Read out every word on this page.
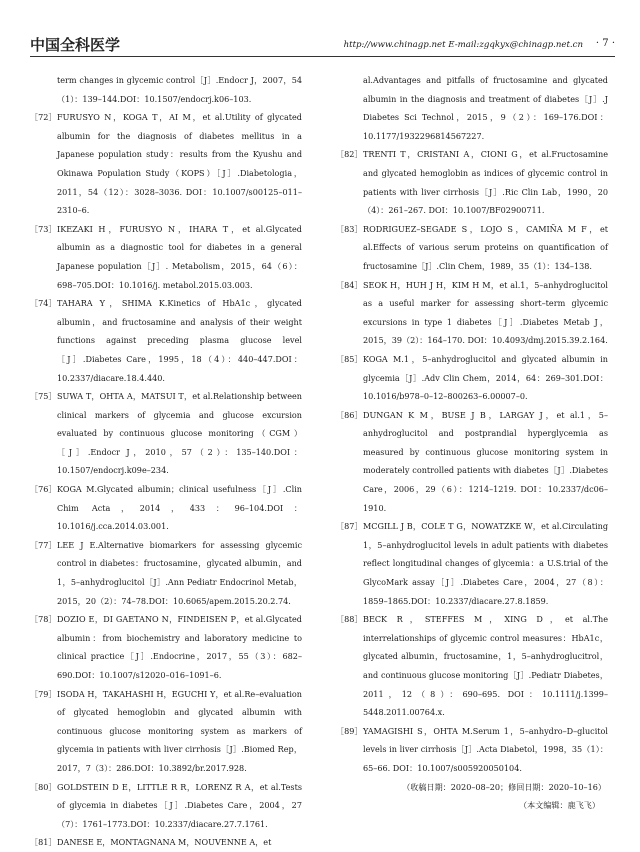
中国全科医学	http://www.chinagp.net E-mail:zgqkyx@chinagp.net.cn · 7 ·
term changes in glycemic control［J］.Endocr J，2007，54（1）：139–144.DOI：10.1507/endocrj.k06–103.
［72］ FURUSYO N，KOGA T，AI M，et al.Utility of glycated albumin for the diagnosis of diabetes mellitus in a Japanese population study：results from the Kyushu and Okinawa Population Study（KOPS）［J］.Diabetologia，2011，54（12）：3028–3036. DOI：10.1007/s00125–011–2310–6.
［73］ IKEZAKI H，FURUSYO N，IHARA T，et al.Glycated albumin as a diagnostic tool for diabetes in a general Japanese population［J］. Metabolism，2015，64（6）：698–705.DOI：10.1016/j. metabol.2015.03.003.
［74］ TAHARA Y，SHIMA K.Kinetics of HbA1c，glycated albumin，and fructosamine and analysis of their weight functions against preceding plasma glucose level［J］.Diabetes Care，1995，18（4）：440–447.DOI：10.2337/diacare.18.4.440.
［75］ SUWA T，OHTA A，MATSUI T，et al.Relationship between clinical markers of glycemia and glucose excursion evaluated by continuous glucose monitoring（CGM）［J］.Endocr J，2010，57（2）：135–140.DOI：10.1507/endocrj.k09e–234.
［76］ KOGA M.Glycated albumin；clinical usefulness［J］.Clin Chim Acta，2014，433：96–104.DOI：10.1016/j.cca.2014.03.001.
［77］ LEE J E.Alternative biomarkers for assessing glycemic control in diabetes：fructosamine，glycated albumin，and 1，5–anhydroglucitol［J］.Ann Pediatr Endocrinol Metab，2015，20（2）：74–78.DOI：10.6065/apem.2015.20.2.74.
［78］ DOZIO E，DI GAETANO N，FINDEISEN P，et al.Glycated albumin：from biochemistry and laboratory medicine to clinical practice［J］.Endocrine，2017，55（3）：682–690.DOI：10.1007/s12020–016–1091–6.
［79］ ISODA H，TAKAHASHI H，EGUCHI Y，et al.Re–evaluation of glycated hemoglobin and glycated albumin with continuous glucose monitoring system as markers of glycemia in patients with liver cirrhosis［J］.Biomed Rep，2017，7（3）：286.DOI：10.3892/br.2017.928.
［80］ GOLDSTEIN D E，LITTLE R R，LORENZ R A，et al.Tests of glycemia in diabetes［J］.Diabetes Care，2004，27（7）：1761–1773.DOI：10.2337/diacare.27.7.1761.
［81］ DANESE E，MONTAGNANA M，NOUVENNE A，et
al.Advantages and pitfalls of fructosamine and glycated albumin in the diagnosis and treatment of diabetes［J］.J Diabetes Sci Technol，2015，9（2）：169–176.DOI：10.1177/1932296814567227.
［82］ TRENTI T，CRISTANI A，CIONI G，et al.Fructosamine and glycated hemoglobin as indices of glycemic control in patients with liver cirrhosis［J］.Ric Clin Lab，1990，20（4）：261–267. DOI：10.1007/BF02900711.
［83］ RODRIGUEZ–SEGADE S，LOJO S，CAMIÑA M F，et al.Effects of various serum proteins on quantification of fructosamine［J］.Clin Chem，1989，35（1）：134–138.
［84］ SEOK H，HUH J H，KIM H M，et al.1，5–anhydroglucitol as a useful marker for assessing short–term glycemic excursions in type 1 diabetes［J］.Diabetes Metab J，2015，39（2）：164–170. DOI：10.4093/dmj.2015.39.2.164.
［85］ KOGA M.1，5–anhydroglucitol and glycated albumin in glycemia［J］.Adv Clin Chem，2014，64：269–301.DOI：10.1016/b978–0–12–800263–6.00007–0.
［86］ DUNGAN K M，BUSE J B，LARGAY J，et al.1，5–anhydroglucitol and postprandial hyperglycemia as measured by continuous glucose monitoring system in moderately controlled patients with diabetes［J］.Diabetes Care，2006，29（6）：1214–1219. DOI：10.2337/dc06–1910.
［87］ MCGILL J B，COLE T G，NOWATZKE W，et al.Circulating 1，5–anhydroglucitol levels in adult patients with diabetes reflect longitudinal changes of glycemia：a U.S.trial of the GlycoMark assay［J］.Diabetes Care，2004，27（8）：1859–1865.DOI：10.2337/diacare.27.8.1859.
［88］ BECK R，STEFFES M，XING D，et al.The interrelationships of glycemic control measures：HbA1c，glycated albumin，fructosamine，1，5–anhydroglucitrol，and continuous glucose monitoring［J］.Pediatr Diabetes，2011，12（8）：690–695. DOI：10.1111/j.1399–5448.2011.00764.x.
［89］ YAMAGISHI S，OHTA M.Serum 1，5–anhydro–D–glucitol levels in liver cirrhosis［J］.Acta Diabetol，1998，35（1）：65–66. DOI：10.1007/s005920050104.
（收稿日期：2020–08–20；修回日期：2020–10–16）
（本文编辑：鹿飞飞）
